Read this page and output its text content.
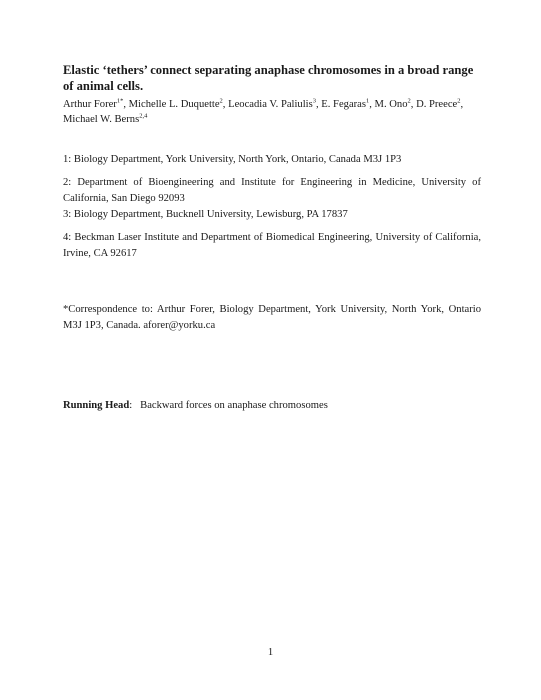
Elastic ‘tethers’ connect separating anaphase chromosomes in a broad range of animal cells.
Arthur Forer$^{1*}$, Michelle L. Duquette$^2$, Leocadia V. Paliulis$^3$, E. Fegaras$^1$, M. Ono$^2$, D. Preece$^2$, Michael W. Berns$^{2,4}$
1: Biology Department, York University, North York, Ontario, Canada M3J 1P3
2: Department of Bioengineering and Institute for Engineering in Medicine, University of California, San Diego 92093
3: Biology Department, Bucknell University, Lewisburg, PA 17837
4: Beckman Laser Institute and Department of Biomedical Engineering, University of California, Irvine, CA 92617
*Correspondence to: Arthur Forer, Biology Department, York University, North York, Ontario M3J 1P3, Canada. aforer@yorku.ca
Running Head:   Backward forces on anaphase chromosomes
1
